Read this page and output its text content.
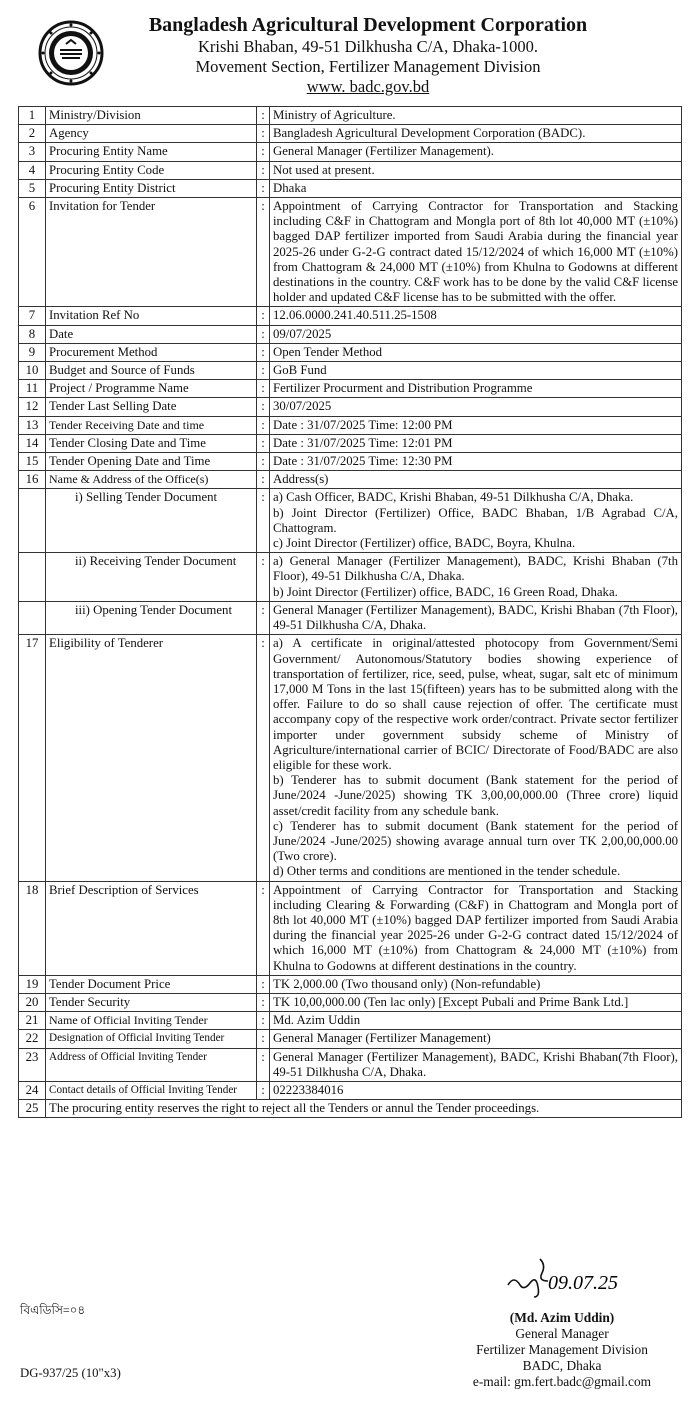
Bangladesh Agricultural Development Corporation
Krishi Bhaban, 49-51 Dilkhusha C/A, Dhaka-1000.
Movement Section, Fertilizer Management Division
www. badc.gov.bd
1	Ministry/Division	:	Ministry of Agriculture.
2	Agency	:	Bangladesh Agricultural Development Corporation (BADC).
3	Procuring Entity Name	:	General Manager (Fertilizer Management).
4	Procuring Entity Code	:	Not used at present.
5	Procuring Entity District	:	Dhaka
6	Invitation for Tender	:	Appointment of Carrying Contractor for Transportation and Stacking including C&F in Chattogram and Mongla port of 8th lot 40,000 MT (±10%) bagged DAP fertilizer imported from Saudi Arabia during the financial year 2025-26 under G-2-G contract dated 15/12/2024 of which 16,000 MT (±10%) from Chattogram & 24,000 MT (±10%) from Khulna to Godowns at different destinations in the country. C&F work has to be done by the valid C&F license holder and updated C&F license has to be submitted with the offer.
7	Invitation Ref No	:	12.06.0000.241.40.511.25-1508
8	Date	:	09/07/2025
9	Procurement Method	:	Open Tender Method
10	Budget and Source of Funds	:	GoB Fund
11	Project / Programme Name	:	Fertilizer Procurment and Distribution Programme
12	Tender Last Selling Date	:	30/07/2025
13	Tender Receiving Date and time	:	Date : 31/07/2025 Time: 12:00 PM
14	Tender Closing Date and Time	:	Date : 31/07/2025 Time: 12:01 PM
15	Tender Opening Date and Time	:	Date : 31/07/2025 Time: 12:30 PM
16	Name & Address of the Office(s)	:	Address(s)

	i) Selling Tender Document	:	a) Cash Officer, BADC, Krishi Bhaban, 49-51 Dilkhusha C/A, Dhaka.
b) Joint Director (Fertilizer) Office, BADC Bhaban, 1/B Agrabad C/A, Chattogram.
c) Joint Director (Fertilizer) office, BADC, Boyra, Khulna.

	ii) Receiving Tender Document	:	a) General Manager (Fertilizer Management), BADC, Krishi Bhaban (7th Floor), 49-51 Dilkhusha C/A, Dhaka.
b) Joint Director (Fertilizer) office, BADC, 16 Green Road, Dhaka.

	iii) Opening Tender Document	:	General Manager (Fertilizer Management), BADC, Krishi Bhaban (7th Floor), 49-51 Dilkhusha C/A, Dhaka.
17	Eligibility of Tenderer	:	a) A certificate in original/attested photocopy from Government/Semi Government/ Autonomous/Statutory bodies showing experience of transportation of fertilizer, rice, seed, pulse, wheat, sugar, salt etc of minimum 17,000 M Tons in the last 15(fifteen) years has to be submitted along with the offer. Failure to do so shall cause rejection of offer. The certificate must accompany copy of the respective work order/contract. Private sector fertilizer importer under government subsidy scheme of Ministry of Agriculture/international carrier of BCIC/ Directorate of Food/BADC are also eligible for these work.
b) Tenderer has to submit document (Bank statement for the period of June/2024 -June/2025) showing TK 3,00,00,000.00 (Three crore) liquid asset/credit facility from any schedule bank.
c) Tenderer has to submit document (Bank statement for the period of June/2024 -June/2025) showing avarage annual turn over TK 2,00,00,000.00 (Two crore).
d) Other terms and conditions are mentioned in the tender schedule.

18	Brief Description of Services	:	Appointment of Carrying Contractor for Transportation and Stacking including Clearing & Forwarding (C&F) in Chattogram and Mongla port of 8th lot 40,000 MT (±10%) bagged DAP fertilizer imported from Saudi Arabia during the financial year 2025-26 under G-2-G contract dated 15/12/2024 of which 16,000 MT (±10%) from Chattogram & 24,000 MT (±10%) from Khulna to Godowns at different destinations in the country.
19	Tender Document Price	:	TK 2,000.00 (Two thousand only) (Non-refundable)
20	Tender Security	:	TK 10,00,000.00 (Ten lac only) [Except Pubali and Prime Bank Ltd.]
21	Name of Official Inviting Tender	:	Md. Azim Uddin
22	Designation of Official Inviting Tender	:	General Manager (Fertilizer Management)
23	Address of Official Inviting Tender	:	General Manager (Fertilizer Management), BADC, Krishi Bhaban(7th Floor), 49-51 Dilkhusha C/A, Dhaka.
24	Contact details of Official Inviting Tender	:	02223384016
25	The procuring entity reserves the right to reject all the Tenders or annul the Tender proceedings.		
09.07.25
(Md. Azim Uddin)
General Manager
Fertilizer Management Division
BADC, Dhaka
e-mail: gm.fert.badc@gmail.com
বিএডিসি=০৪
DG-937/25 (10"x3)
